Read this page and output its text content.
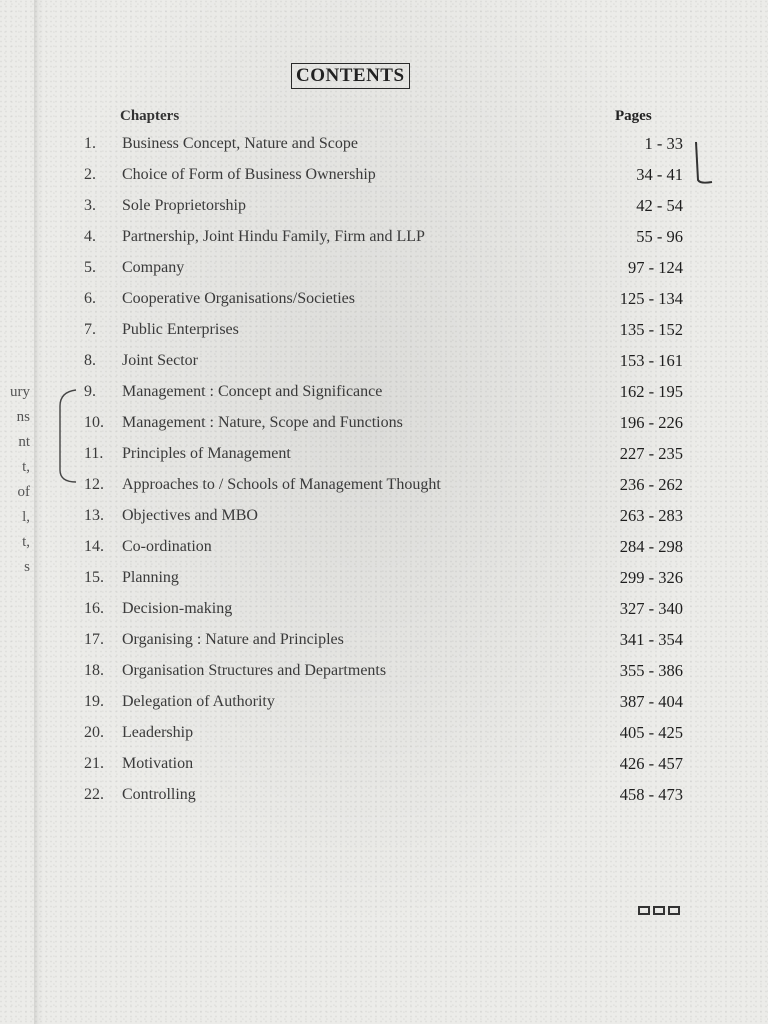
ury
ns
nt
t,
of
l,
t,
s
CONTENTS
Chapters	Pages
1.	Business Concept, Nature and Scope	1 - 33
2.	Choice of Form of Business Ownership	34 - 41
3.	Sole Proprietorship	42 - 54
4.	Partnership, Joint Hindu Family, Firm and LLP	55 - 96
5.	Company	97 - 124
6.	Cooperative Organisations/Societies	125 - 134
7.	Public Enterprises	135 - 152
8.	Joint Sector	153 - 161
9.	Management : Concept and Significance	162 - 195
10.	Management : Nature, Scope and Functions	196 - 226
11.	Principles of Management	227 - 235
12.	Approaches to / Schools of Management Thought	236 - 262
13.	Objectives and MBO	263 - 283
14.	Co-ordination	284 - 298
15.	Planning	299 - 326
16.	Decision-making	327 - 340
17.	Organising : Nature and Principles	341 - 354
18.	Organisation Structures and Departments	355 - 386
19.	Delegation of Authority	387 - 404
20.	Leadership	405 - 425
21.	Motivation	426 - 457
22.	Controlling	458 - 473
